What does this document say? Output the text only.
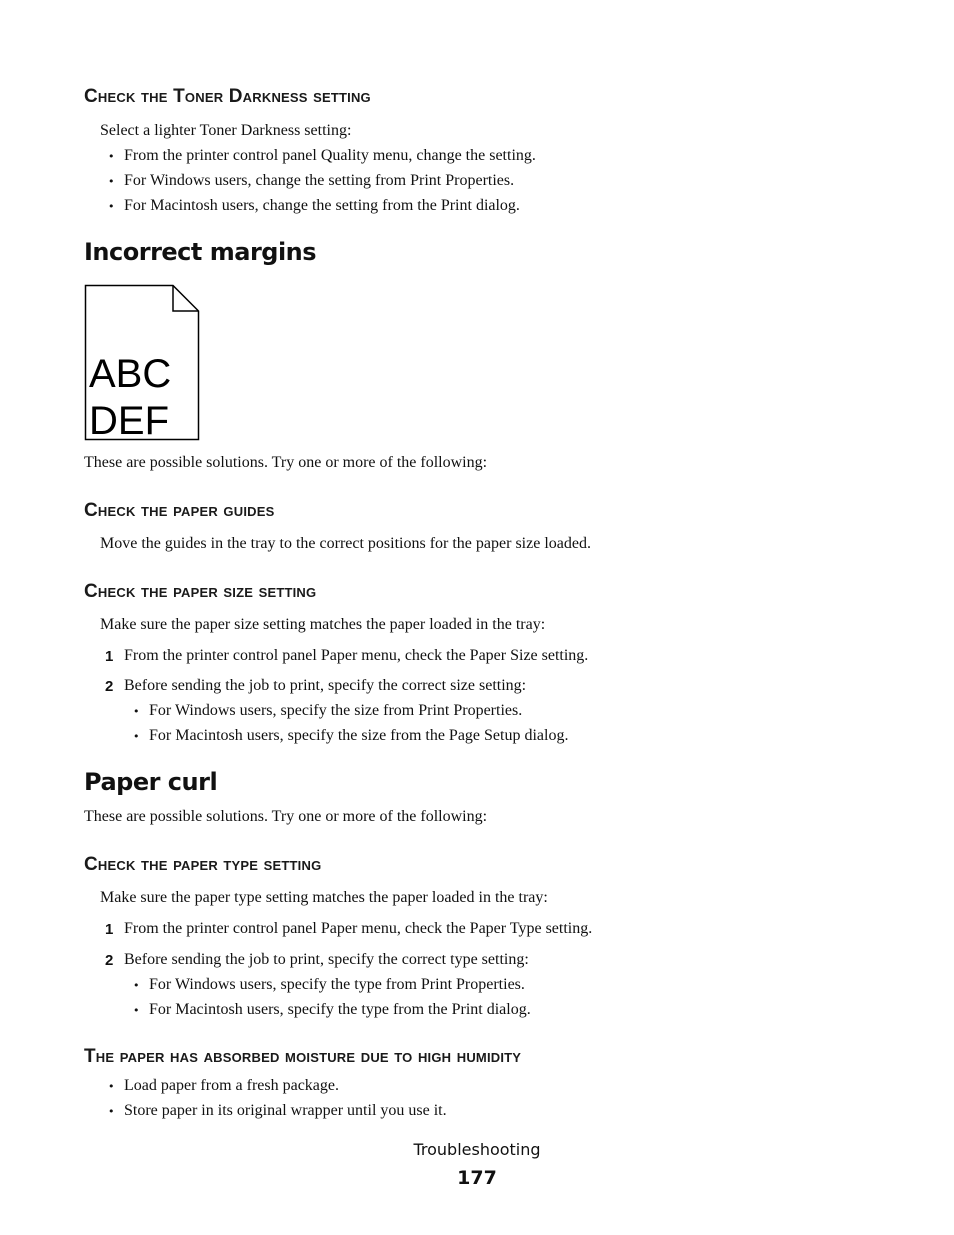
Check the Toner Darkness setting
Select a lighter Toner Darkness setting:
• From the printer control panel Quality menu, change the setting.
• For Windows users, change the setting from Print Properties.
• For Macintosh users, change the setting from the Print dialog.
Incorrect margins
ABC
DEF
These are possible solutions. Try one or more of the following:
Check the paper guides
Move the guides in the tray to the correct positions for the paper size loaded.
Check the paper size setting
Make sure the paper size setting matches the paper loaded in the tray:
1 From the printer control panel Paper menu, check the Paper Size setting.
2 Before sending the job to print, specify the correct size setting:
• For Windows users, specify the size from Print Properties.
• For Macintosh users, specify the size from the Page Setup dialog.
Paper curl
These are possible solutions. Try one or more of the following:
Check the paper type setting
Make sure the paper type setting matches the paper loaded in the tray:
1 From the printer control panel Paper menu, check the Paper Type setting.
2 Before sending the job to print, specify the correct type setting:
• For Windows users, specify the type from Print Properties.
• For Macintosh users, specify the type from the Print dialog.
The paper has absorbed moisture due to high humidity
• Load paper from a fresh package.
• Store paper in its original wrapper until you use it.
Troubleshooting
177
